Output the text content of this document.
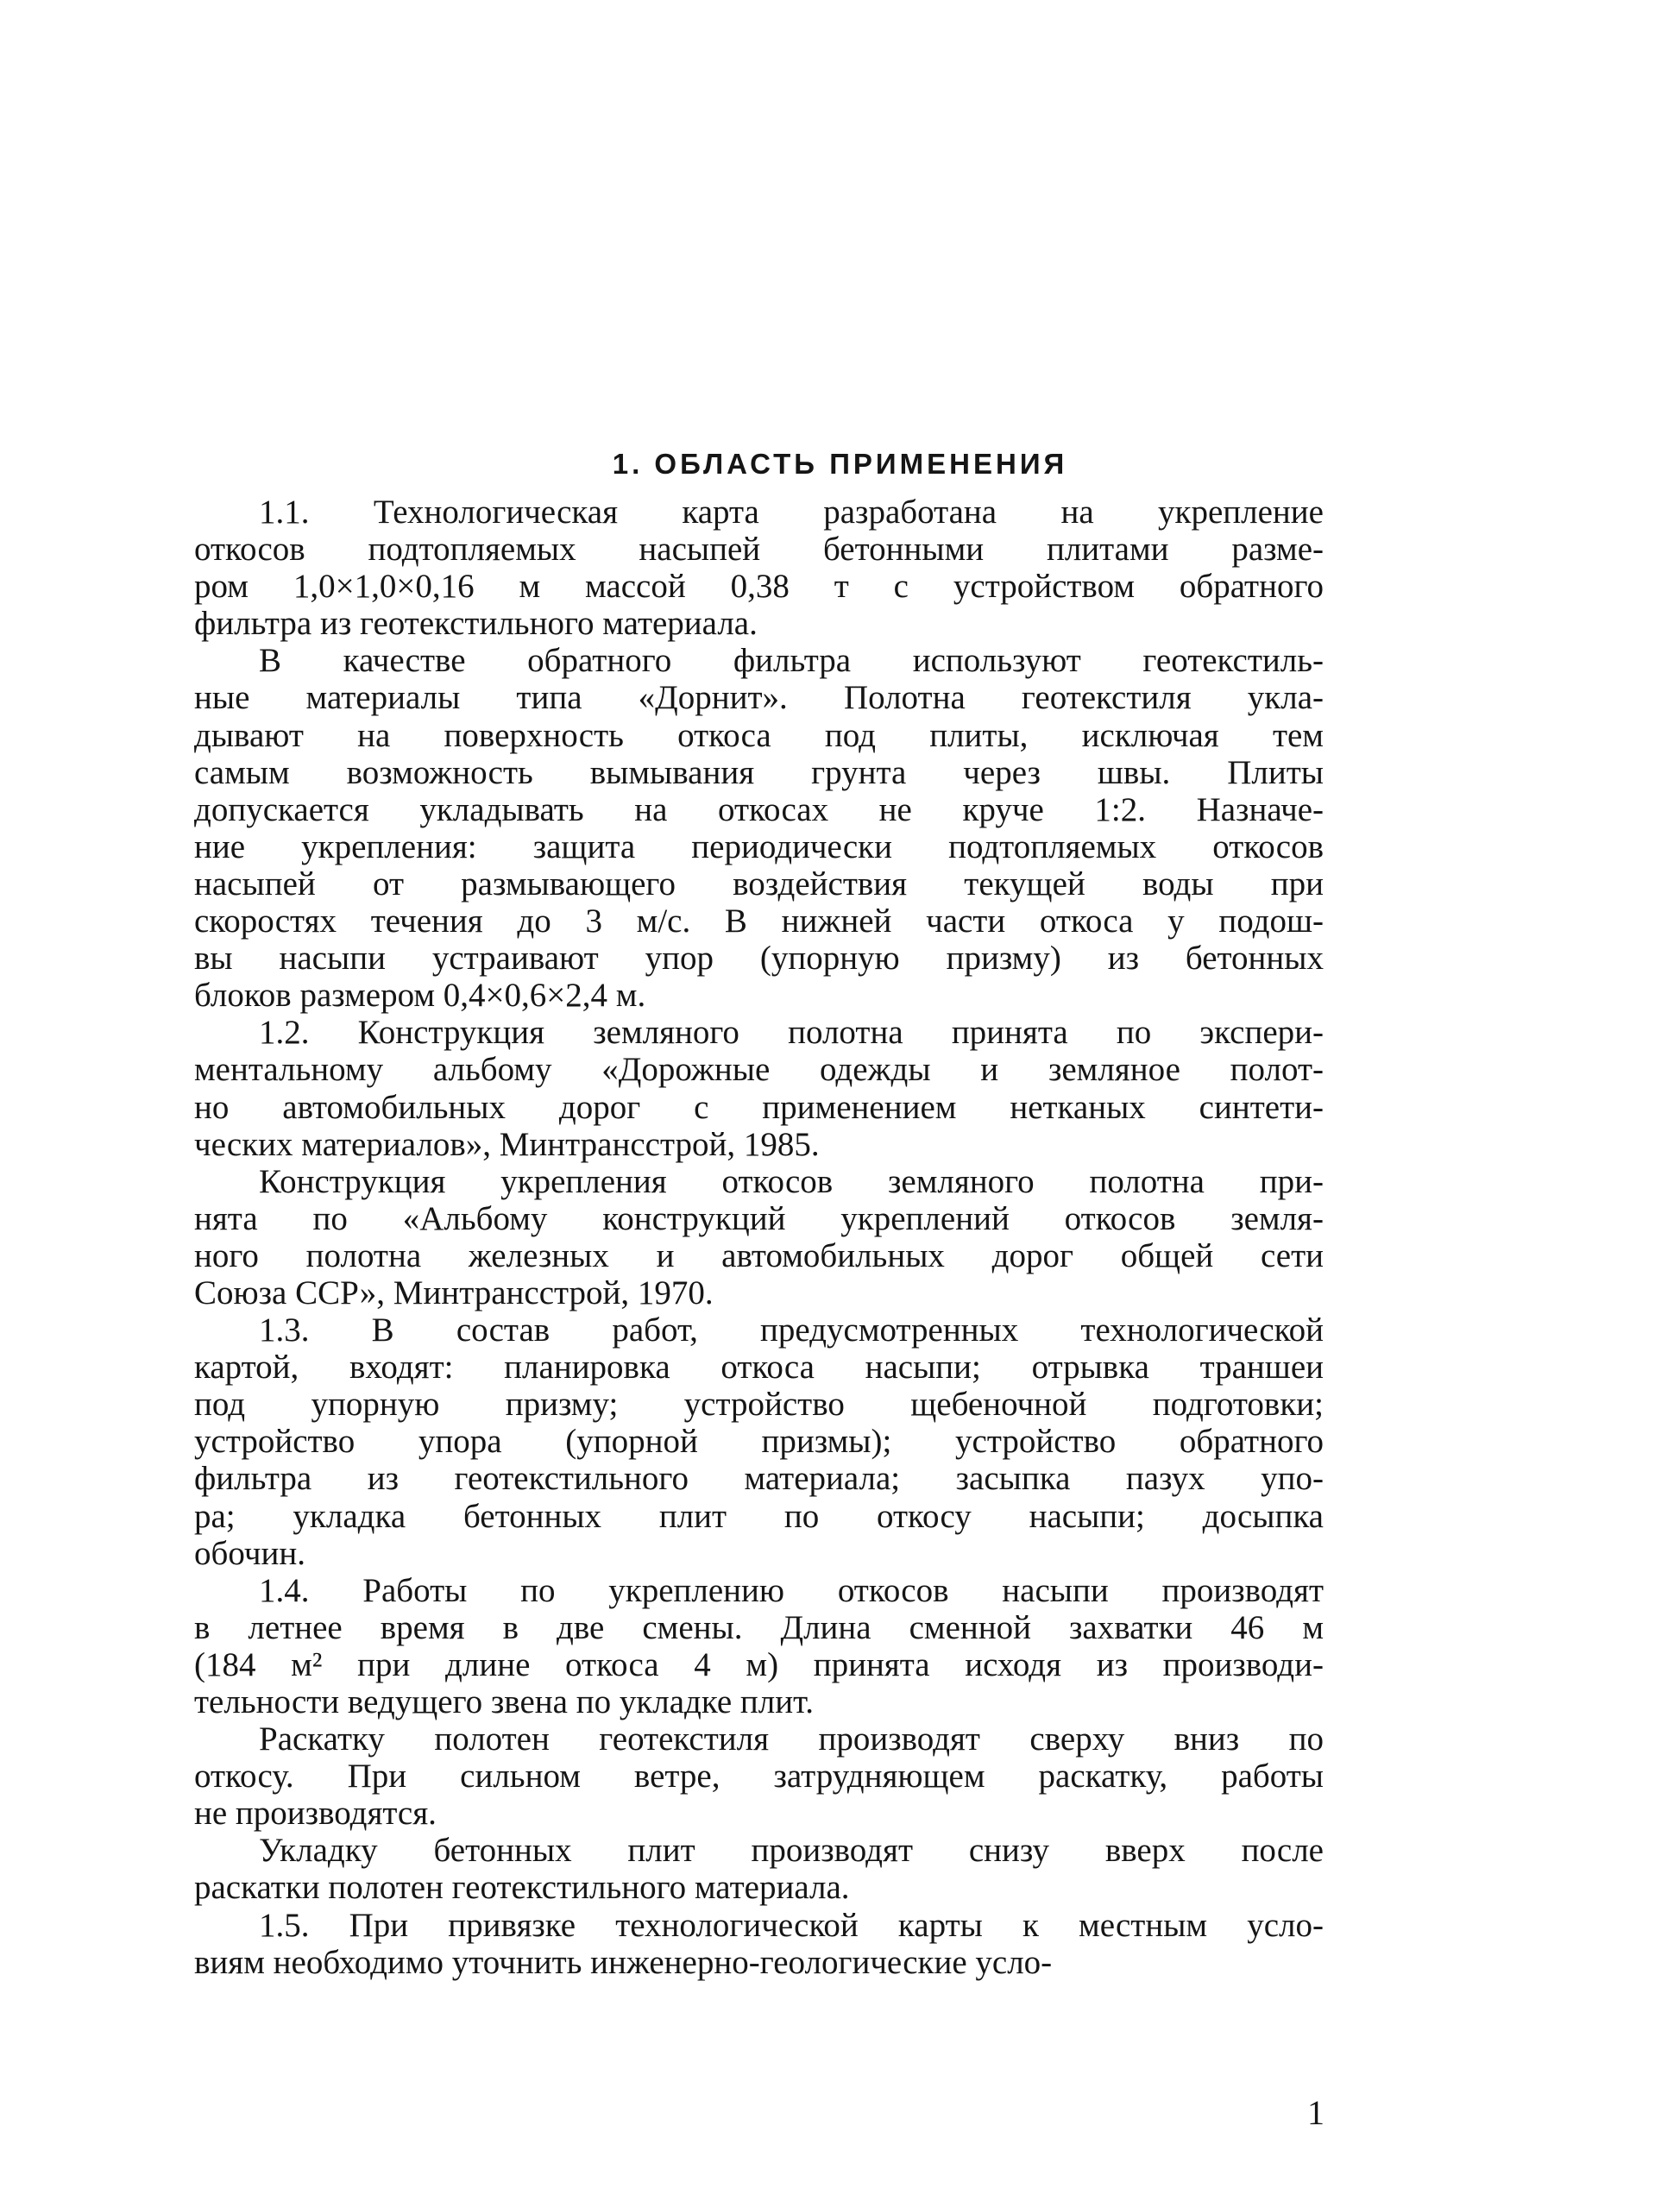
1. ОБЛАСТЬ ПРИМЕНЕНИЯ
1.1. Технологическая карта разработана на укрепление
откосов подтопляемых насыпей бетонными плитами разме-
ром 1,0×1,0×0,16 м массой 0,38 т с устройством обратного
фильтра из геотекстильного материала.
В качестве обратного фильтра используют геотекстиль-
ные материалы типа «Дорнит». Полотна геотекстиля укла-
дывают на поверхность откоса под плиты, исключая тем
самым возможность вымывания грунта через швы. Плиты
допускается укладывать на откосах не круче 1:2. Назначе-
ние укрепления: защита периодически подтопляемых откосов
насыпей от размывающего воздействия текущей воды при
скоростях течения до 3 м/с. В нижней части откоса у подош-
вы насыпи устраивают упор (упорную призму) из бетонных
блоков размером 0,4×0,6×2,4 м.
1.2. Конструкция земляного полотна принята по экспери-
ментальному альбому «Дорожные одежды и земляное полот-
но автомобильных дорог с применением нетканых синтети-
ческих материалов», Минтрансстрой, 1985.
Конструкция укрепления откосов земляного полотна при-
нята по «Альбому конструкций укреплений откосов земля-
ного полотна железных и автомобильных дорог общей сети
Союза ССР», Минтрансстрой, 1970.
1.3. В состав работ, предусмотренных технологической
картой, входят: планировка откоса насыпи; отрывка траншеи
под упорную призму; устройство щебеночной подготовки;
устройство упора (упорной призмы); устройство обратного
фильтра из геотекстильного материала; засыпка пазух упо-
ра; укладка бетонных плит по откосу насыпи; досыпка
обочин.
1.4. Работы по укреплению откосов насыпи производят
в летнее время в две смены. Длина сменной захватки 46 м
(184 м² при длине откоса 4 м) принята исходя из производи-
тельности ведущего звена по укладке плит.
Раскатку полотен геотекстиля производят сверху вниз по
откосу. При сильном ветре, затрудняющем раскатку, работы
не производятся.
Укладку бетонных плит производят снизу вверх после
раскатки полотен геотекстильного материала.
1.5. При привязке технологической карты к местным усло-
виям необходимо уточнить инженерно-геологические усло-
1
